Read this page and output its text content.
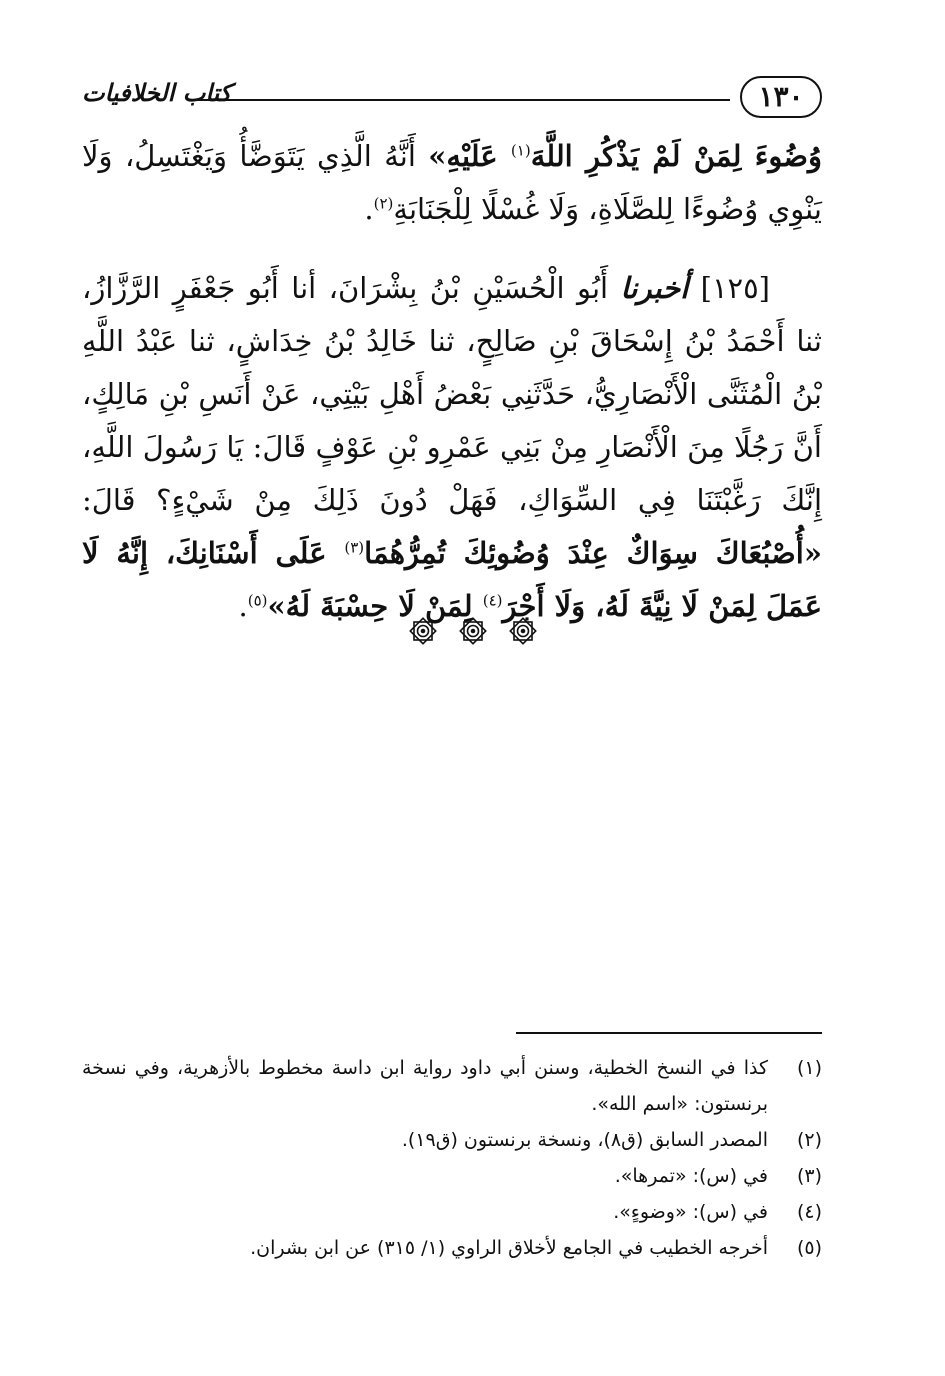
١٣٠
كتاب الخلافيات

وُضُوءَ لِمَنْ لَمْ يَذْكُرِ اللَّهَ$^{(١)}$ عَلَيْهِ» أَنَّهُ الَّذِي يَتَوَضَّأُ وَيَغْتَسِلُ، وَلَا يَنْوِي وُضُوءًا لِلصَّلَاةِ، وَلَا غُسْلًا لِلْجَنَابَةِ$^{(٢)}$.

[١٢٥] أخبرنا أَبُو الْحُسَيْنِ بْنُ بِشْرَانَ، أنا أَبُو جَعْفَرٍ الرَّزَّازُ، ثنا أَحْمَدُ بْنُ إِسْحَاقَ بْنِ صَالِحٍ، ثنا خَالِدُ بْنُ خِدَاشٍ، ثنا عَبْدُ اللَّهِ بْنُ الْمُثَنَّى الْأَنْصَارِيُّ، حَدَّثَنِي بَعْضُ أَهْلِ بَيْتِي، عَنْ أَنَسِ بْنِ مَالِكٍ، أَنَّ رَجُلًا مِنَ الْأَنْصَارِ مِنْ بَنِي عَمْرِو بْنِ عَوْفٍ قَالَ: يَا رَسُولَ اللَّهِ، إِنَّكَ رَغَّبْتَنَا فِي السِّوَاكِ، فَهَلْ دُونَ ذَلِكَ مِنْ شَيْءٍ؟ قَالَ: «أُصْبُعَاكَ سِوَاكٌ عِنْدَ وُضُوئِكَ تُمِرُّهُمَا$^{(٣)}$ عَلَى أَسْنَانِكَ، إِنَّهُ لَا عَمَلَ لِمَنْ لَا نِيَّةَ لَهُ، وَلَا أَجْرَ$^{(٤)}$ لِمَنْ لَا حِسْبَةَ لَهُ»$^{(٥)}$.

(١)
كذا في النسخ الخطية، وسنن أبي داود رواية ابن داسة مخطوط بالأزهرية، وفي نسخة برنستون: «اسم الله».
(٢)
المصدر السابق (ق٨)، ونسخة برنستون (ق١٩).
(٣)
في (س): «تمرها».
(٤)
في (س): «وضوءٍ».
(٥)
أخرجه الخطيب في الجامع لأخلاق الراوي (١/ ٣١٥) عن ابن بشران.
